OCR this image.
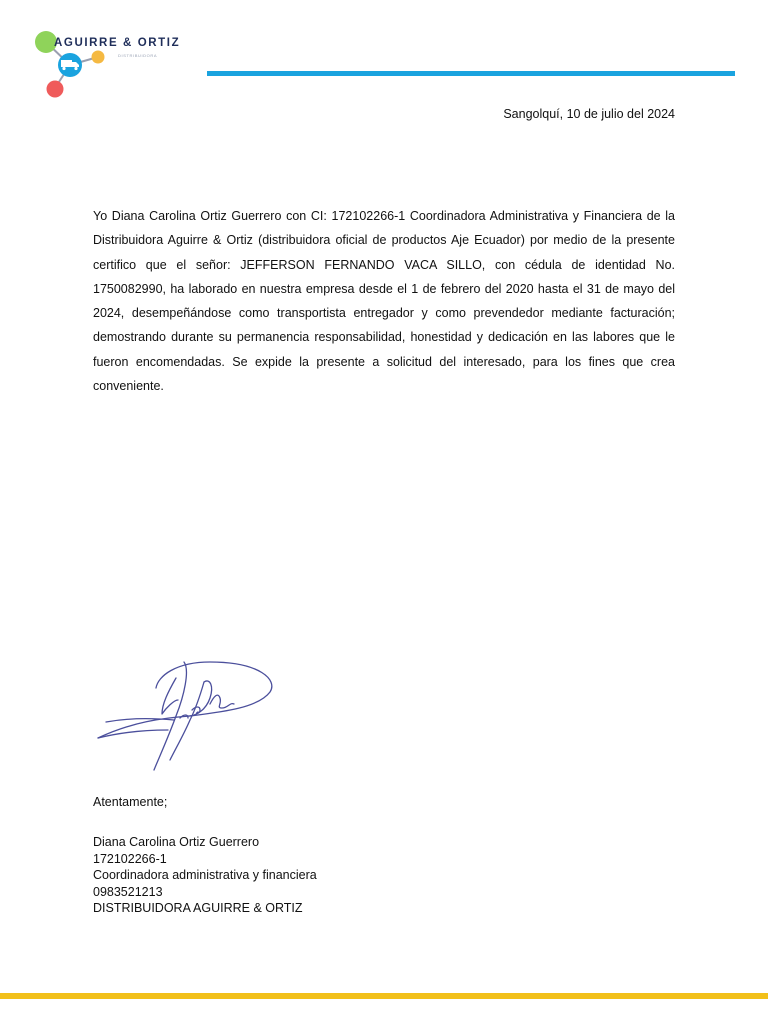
AGUIRRE & ORTIZ
DISTRIBUIDORA
Sangolquí, 10 de julio del 2024
Yo Diana Carolina Ortiz Guerrero con CI: 172102266-1 Coordinadora Administrativa y Financiera de la Distribuidora Aguirre & Ortiz (distribuidora oficial de productos Aje Ecuador) por medio de la presente certifico que el señor: JEFFERSON FERNANDO VACA SILLO, con cédula de identidad No. 1750082990, ha laborado en nuestra empresa desde el 1 de febrero del 2020 hasta el 31 de mayo del 2024, desempeñándose como transportista entregador y como prevendedor mediante facturación; demostrando durante su permanencia responsabilidad, honestidad y dedicación en las labores que le fueron encomendadas. Se expide la presente a solicitud del interesado, para los fines que crea conveniente.
Atentamente;
Diana Carolina Ortiz Guerrero
172102266-1
Coordinadora administrativa y financiera
0983521213
DISTRIBUIDORA AGUIRRE & ORTIZ
